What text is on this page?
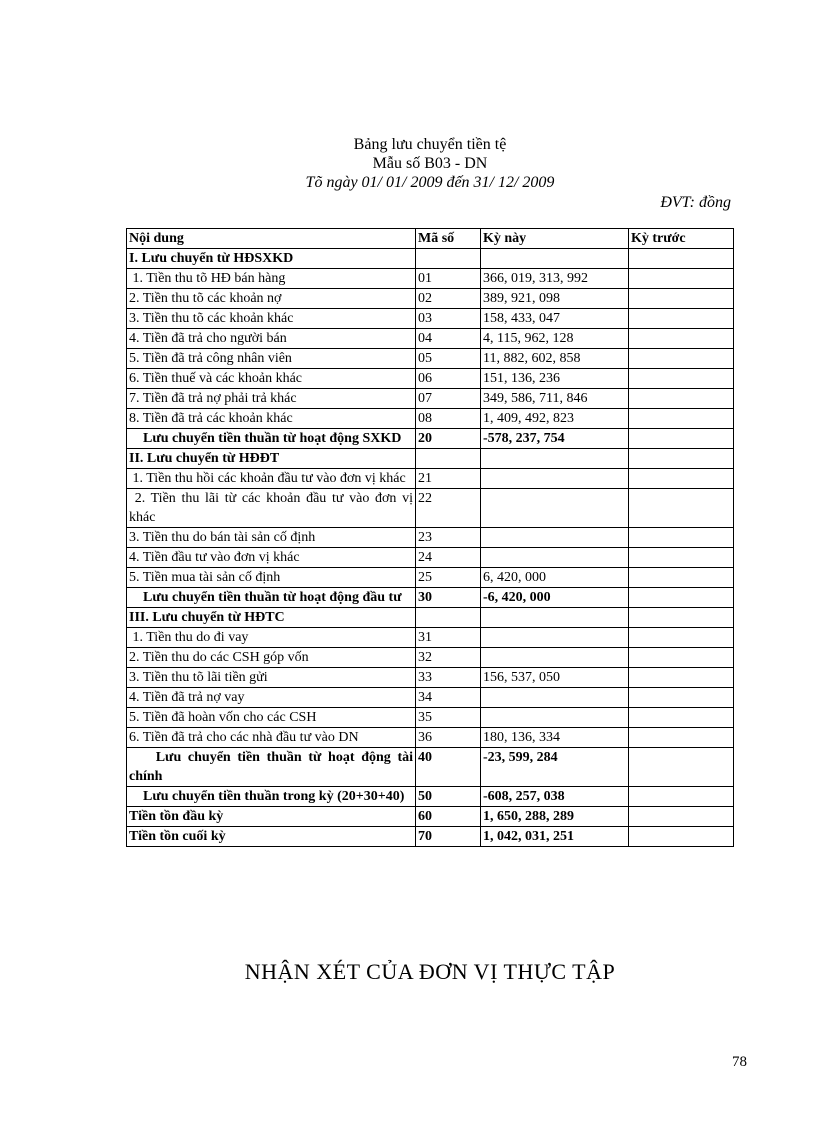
Bảng lưu chuyển tiền tệ
Mẫu số B03 - DN
Tõ ngày 01/ 01/ 2009 đến 31/ 12/ 2009
ĐVT: đồng
Nội dung	Mã số	Kỳ này	Kỳ trước
I. Lưu chuyển từ HĐSXKD			
1. Tiền thu tõ HĐ bán hàng	01	366, 019, 313, 992	
2. Tiền thu tõ các khoản nợ	02	389, 921, 098	
3. Tiền thu tõ các khoản khác	03	158, 433, 047	
4. Tiền đã trả cho người bán	04	4, 115, 962, 128	
5. Tiền đã trả công nhân viên	05	11, 882, 602, 858	
6. Tiền thuế và các khoản khác	06	151, 136, 236	
7. Tiền đã trả nợ phải trả khác	07	349, 586, 711, 846	
8. Tiền đã trả các khoản khác	08	1, 409, 492, 823	
Lưu chuyển tiền thuần từ hoạt động SXKD	20	-578, 237, 754	
II. Lưu chuyển từ HĐĐT			
1. Tiền thu hồi các khoản đầu tư vào đơn vị khác	21		
2. Tiền thu lãi từ các khoản đầu tư vào đơn vị khác	22		
3. Tiền thu do bán tài sản cố định	23		
4. Tiền đầu tư vào đơn vị khác	24		
5. Tiền mua tài sản cố định	25	6, 420, 000	
Lưu chuyển tiền thuần từ hoạt động đầu tư	30	-6, 420, 000	
III. Lưu chuyển từ HĐTC			
1. Tiền thu do đi vay	31		
2. Tiền thu do các CSH góp vốn	32		
3. Tiền thu tõ lãi tiền gửi	33	156, 537, 050	
4. Tiền đã trả nợ vay	34		
5. Tiền đã hoàn vốn cho các CSH	35		
6. Tiền đã trả cho các nhà đầu tư vào DN	36	180, 136, 334	
Lưu chuyển tiền thuần từ hoạt động tài chính	40	-23, 599, 284	
Lưu chuyển tiền thuần trong kỳ (20+30+40)	50	-608, 257, 038	
Tiền tồn đầu kỳ	60	1, 650, 288, 289	
Tiền tồn cuối kỳ	70	1, 042, 031, 251	
NHẬN XÉT CỦA ĐƠN VỊ THỰC TẬP
78
